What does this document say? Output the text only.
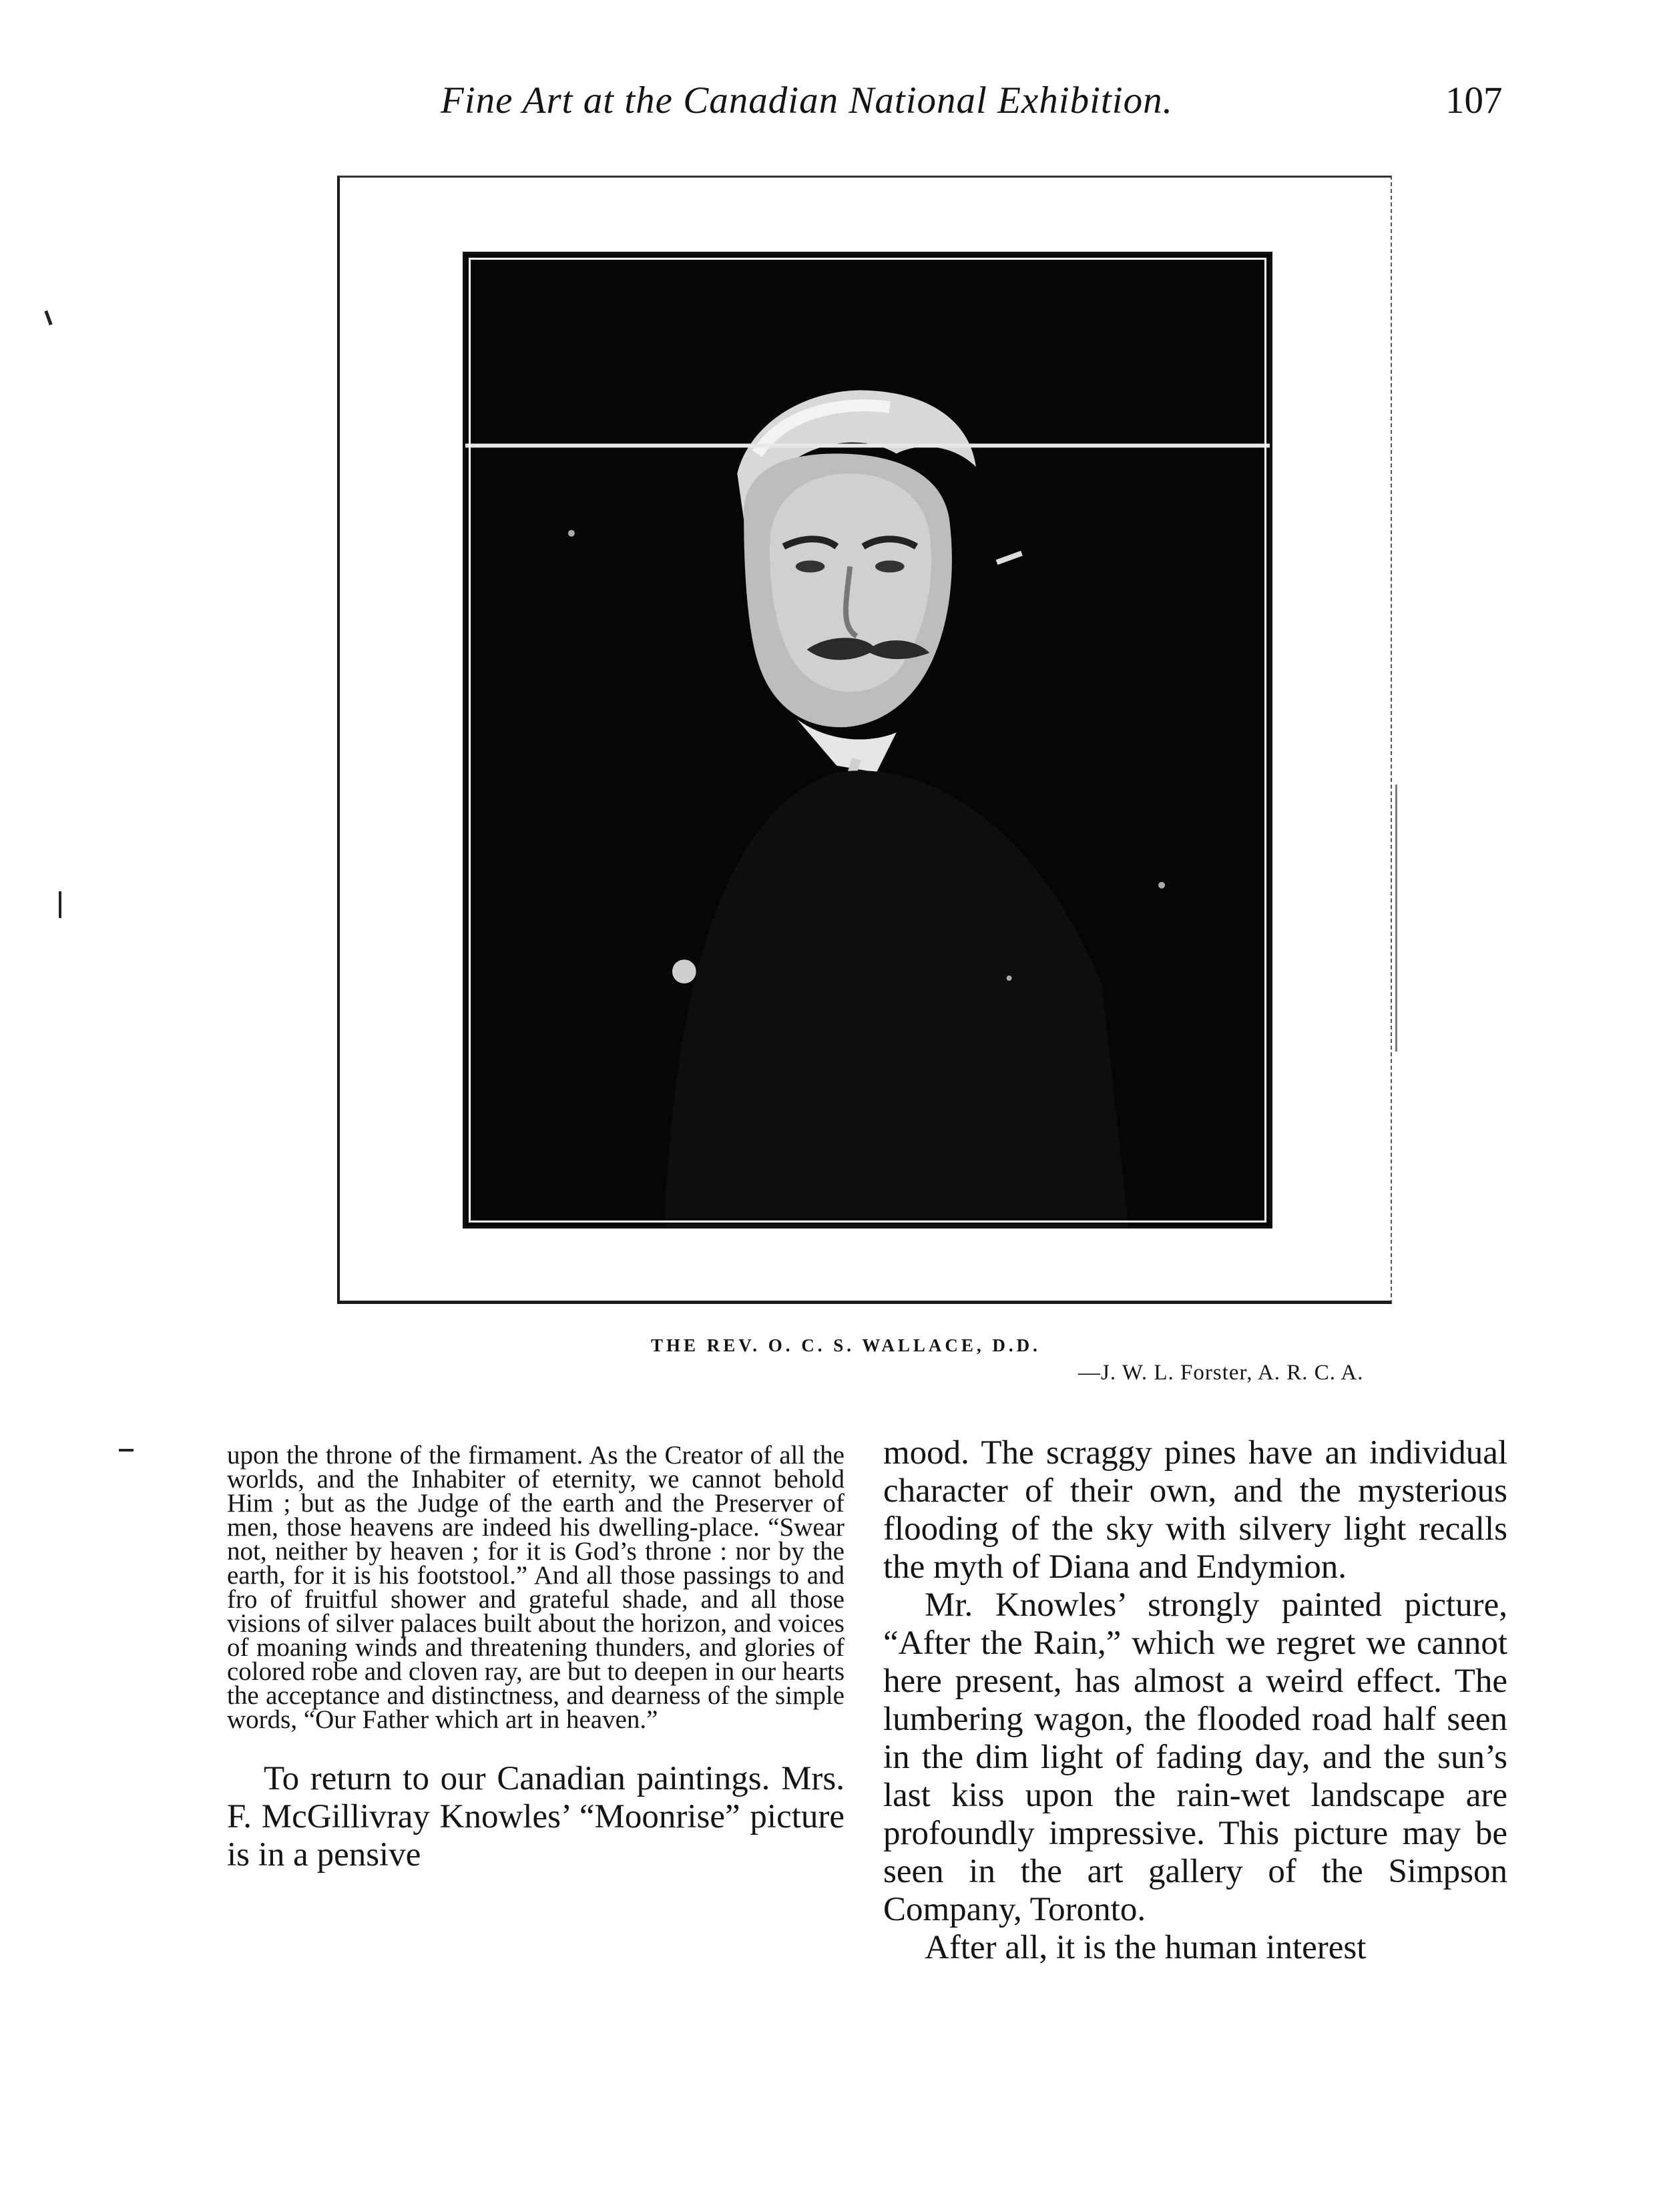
Fine Art at the Canadian National Exhibition.	107
THE REV. O. C. S. WALLACE, D.D.
—J. W. L. Forster, A. R. C. A.

upon the throne of the firmament. As the Creator of all the worlds, and the Inhabiter of eternity, we cannot behold Him ; but as the Judge of the earth and the Preserver of men, those heavens are indeed his dwelling-place. “Swear not, neither by heaven ; for it is God’s throne : nor by the earth, for it is his footstool.” And all those passings to and fro of fruitful shower and grateful shade, and all those visions of silver palaces built about the horizon, and voices of moaning winds and threatening thunders, and glories of colored robe and cloven ray, are but to deepen in our hearts the acceptance and distinctness, and dearness of the simple words, “Our Father which art in heaven.”

To return to our Canadian paintings. Mrs. F. McGillivray Knowles’ “Moonrise” picture is in a pensive

mood. The scraggy pines have an individual character of their own, and the mysterious flooding of the sky with silvery light recalls the myth of Diana and Endymion.

Mr. Knowles’ strongly painted picture, “After the Rain,” which we regret we cannot here present, has almost a weird effect. The lumbering wagon, the flooded road half seen in the dim light of fading day, and the sun’s last kiss upon the rain-wet landscape are profoundly impressive. This picture may be seen in the art gallery of the Simpson Company, Toronto.

After all, it is the human interest
